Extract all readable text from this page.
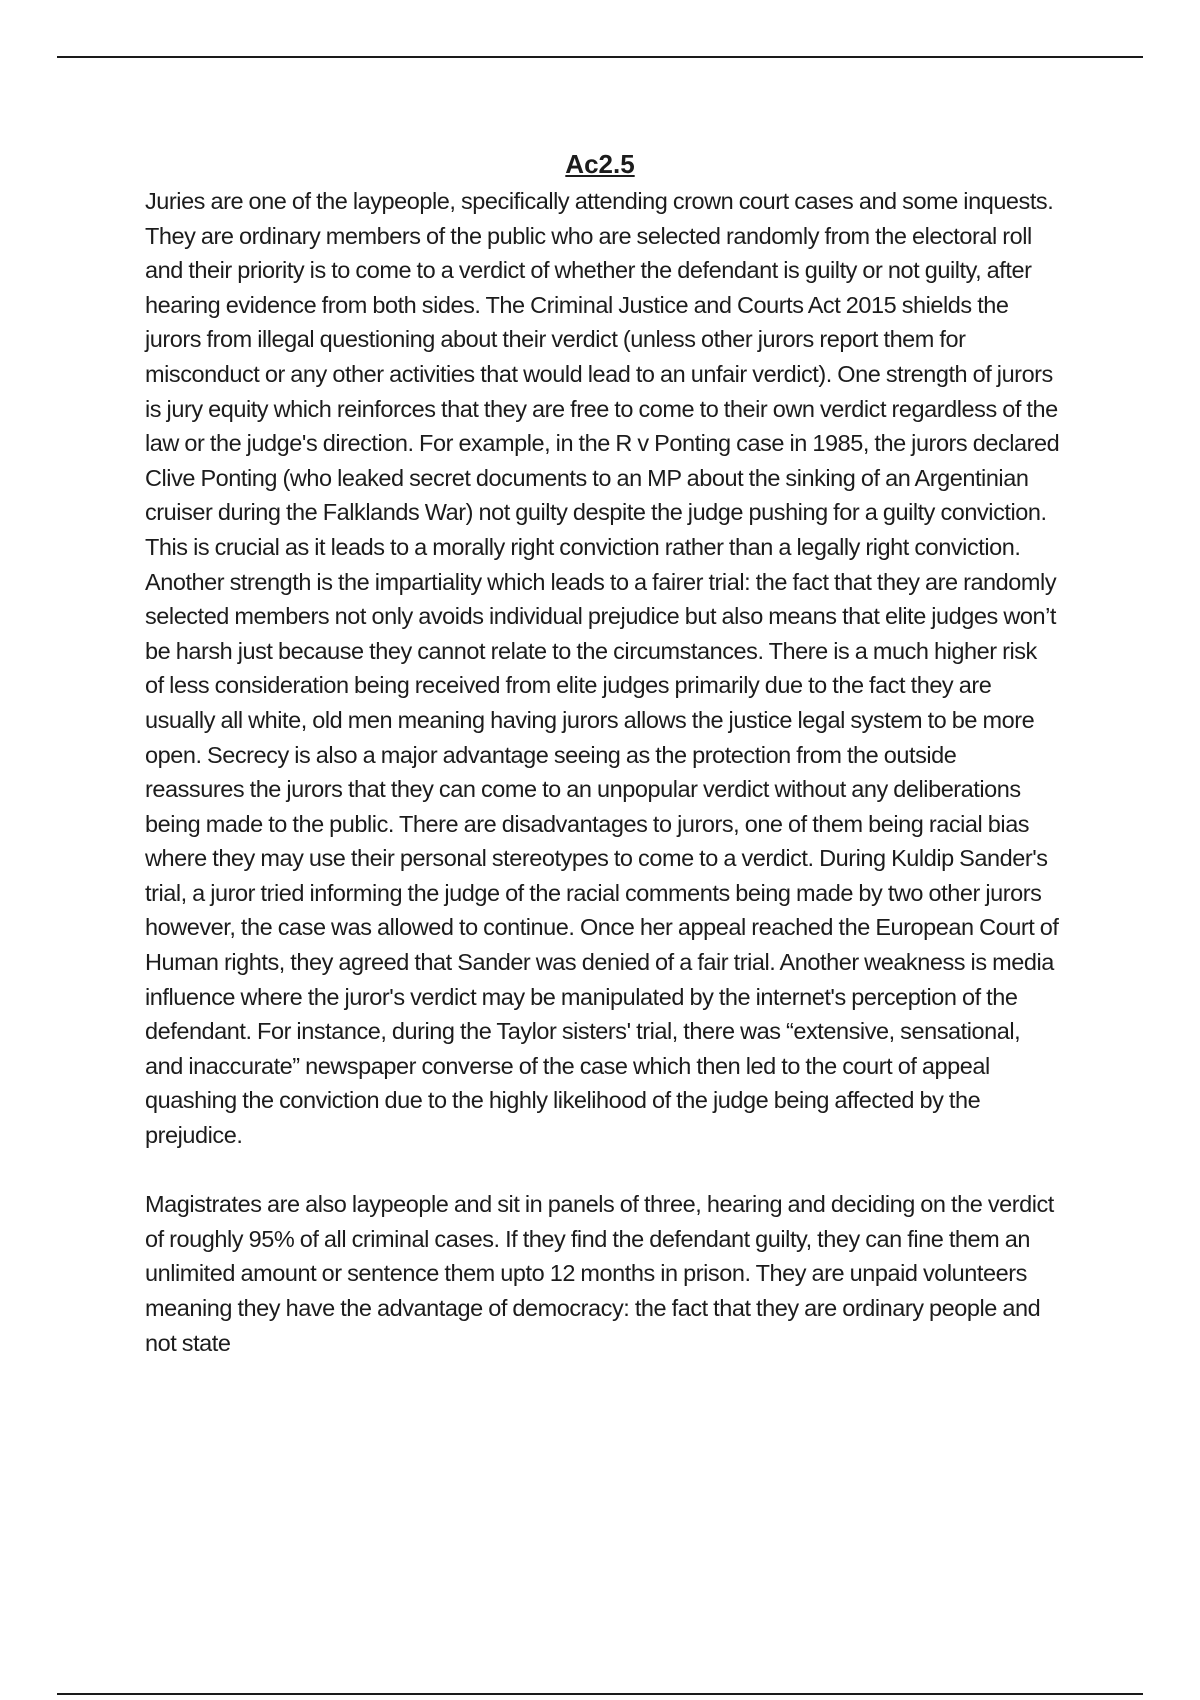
Ac2.5

Juries are one of the laypeople, specifically attending crown court cases and some inquests. They are ordinary members of the public who are selected randomly from the electoral roll and their priority is to come to a verdict of whether the defendant is guilty or not guilty, after hearing evidence from both sides. The Criminal Justice and Courts Act 2015 shields the jurors from illegal questioning about their verdict (unless other jurors report them for misconduct or any other activities that would lead to an unfair verdict). One strength of jurors is jury equity which reinforces that they are free to come to their own verdict regardless of the law or the judge's direction. For example, in the R v Ponting case in 1985, the jurors declared Clive Ponting (who leaked secret documents to an MP about the sinking of an Argentinian cruiser during the Falklands War) not guilty despite the judge pushing for a guilty conviction. This is crucial as it leads to a morally right conviction rather than a legally right conviction. Another strength is the impartiality which leads to a fairer trial: the fact that they are randomly selected members not only avoids individual prejudice but also means that elite judges won’t be harsh just because they cannot relate to the circumstances. There is a much higher risk of less consideration being received from elite judges primarily due to the fact they are usually all white, old men meaning having jurors allows the justice legal system to be more open. Secrecy is also a major advantage seeing as the protection from the outside reassures the jurors that they can come to an unpopular verdict without any deliberations being made to the public. There are disadvantages to jurors, one of them being racial bias where they may use their personal stereotypes to come to a verdict. During Kuldip Sander's trial, a juror tried informing the judge of the racial comments being made by two other jurors however, the case was allowed to continue. Once her appeal reached the European Court of Human rights, they agreed that Sander was denied of a fair trial. Another weakness is media influence where the juror's verdict may be manipulated by the internet's perception of the defendant. For instance, during the Taylor sisters' trial, there was “extensive, sensational, and inaccurate” newspaper converse of the case which then led to the court of appeal quashing the conviction due to the highly likelihood of the judge being affected by the prejudice.

Magistrates are also laypeople and sit in panels of three, hearing and deciding on the verdict of roughly 95% of all criminal cases. If they find the defendant guilty, they can fine them an unlimited amount or sentence them upto 12 months in prison. They are unpaid volunteers meaning they have the advantage of democracy: the fact that they are ordinary people and not state
